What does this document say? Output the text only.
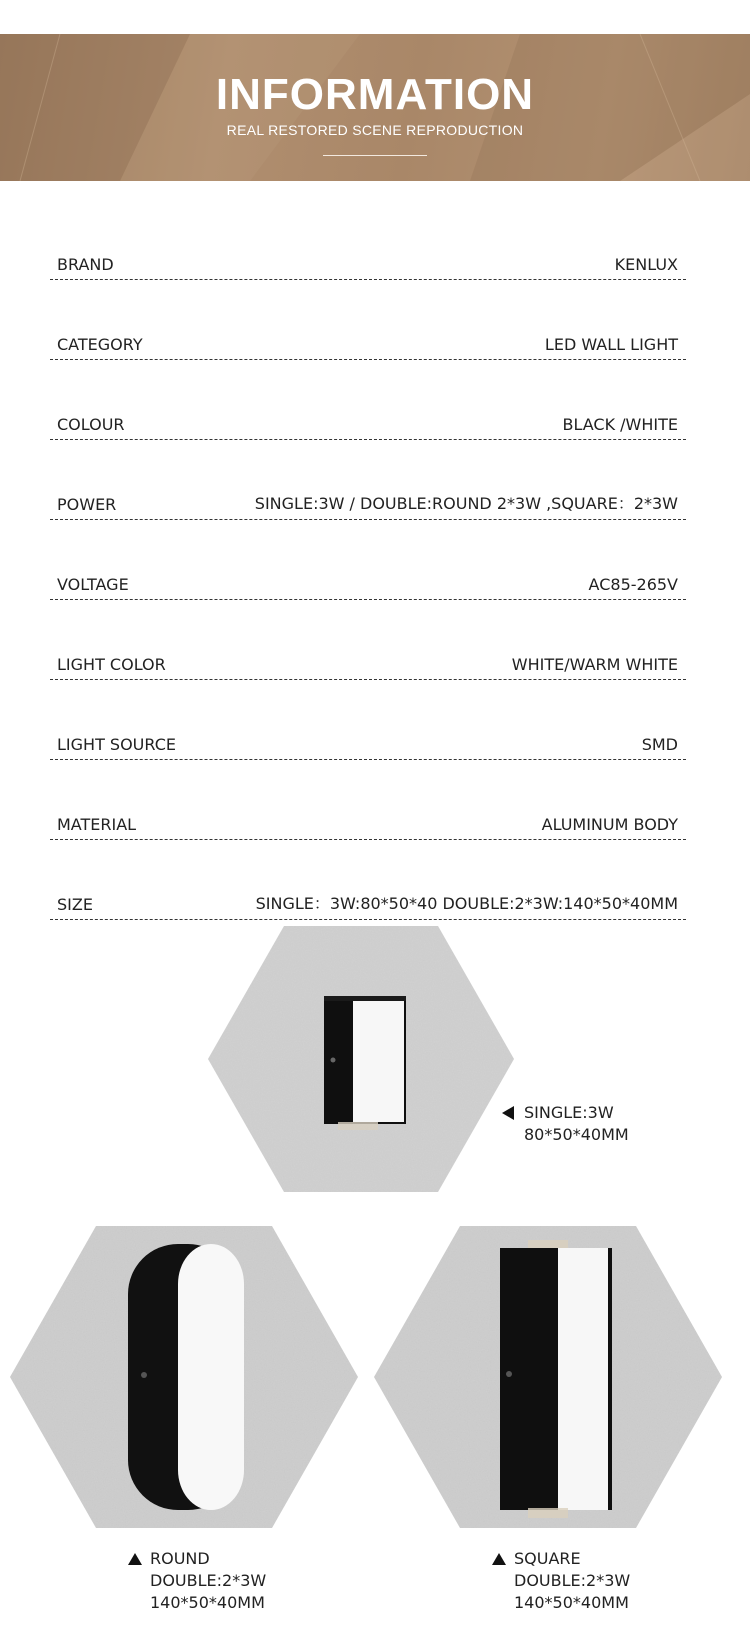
INFORMATION
REAL RESTORED SCENE REPRODUCTION
BRAND	KENLUX
CATEGORY	LED WALL LIGHT
COLOUR	BLACK /WHITE
POWER	SINGLE:3W / DOUBLE:ROUND 2*3W ,SQUARE：2*3W
VOLTAGE	AC85-265V
LIGHT COLOR	WHITE/WARM WHITE
LIGHT SOURCE	SMD
MATERIAL	ALUMINUM BODY
SIZE	SINGLE：3W:80*50*40 DOUBLE:2*3W:140*50*40MM
SINGLE:3W
80*50*40MM
ROUND
DOUBLE:2*3W
140*50*40MM
SQUARE
DOUBLE:2*3W
140*50*40MM
